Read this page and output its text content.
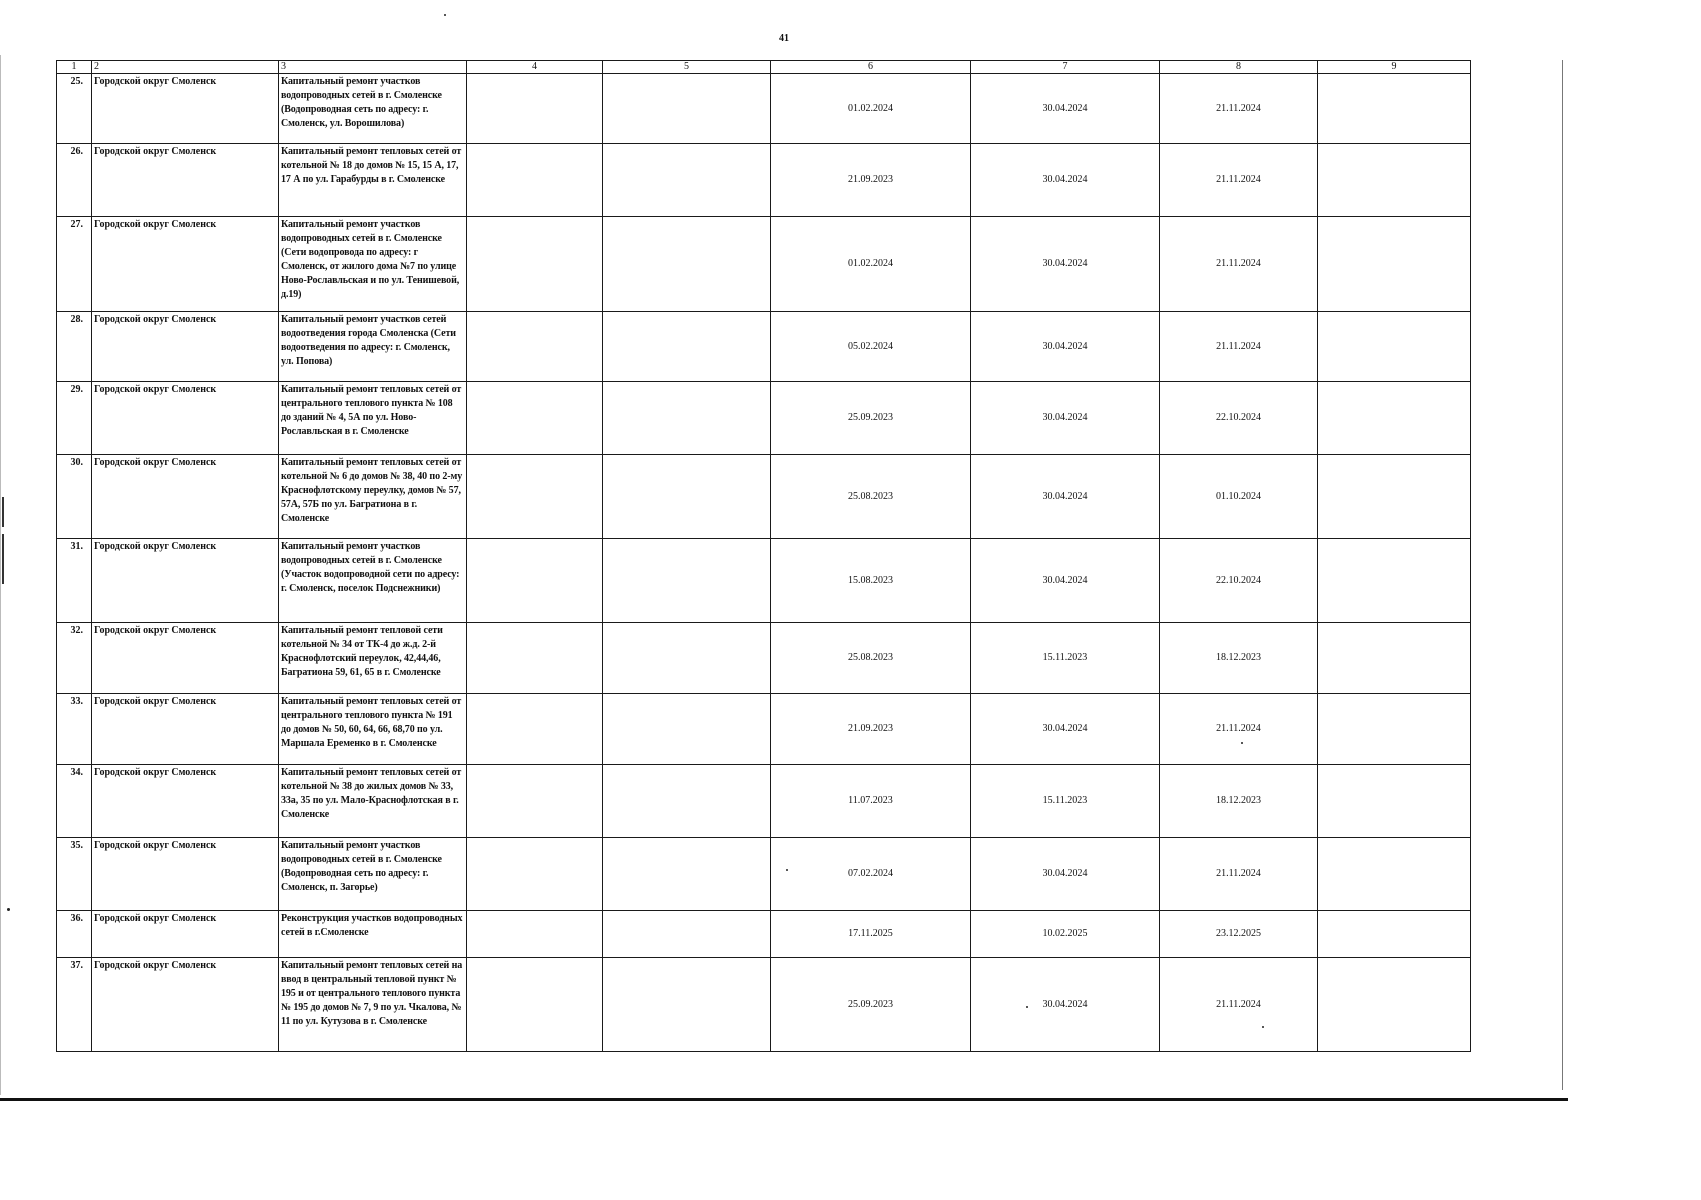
41
1	2	3	4	5	6	7	8	9
25.	Городской округ Смоленск	Капитальный ремонт участков водопроводных сетей в г. Смоленске (Водопроводная сеть по адресу: г. Смоленск, ул. Ворошилова)			01.02.2024	30.04.2024	21.11.2024	
26.	Городской округ Смоленск	Капитальный ремонт тепловых сетей от котельной № 18 до домов № 15, 15 А, 17, 17 А по ул. Гарабурды в г. Смоленске			21.09.2023	30.04.2024	21.11.2024	
27.	Городской округ Смоленск	Капитальный ремонт участков водопроводных сетей в г. Смоленске (Сети водопровода по адресу: г Смоленск, от жилого дома №7 по улице Ново-Рославльская и по ул. Тенишевой, д.19)			01.02.2024	30.04.2024	21.11.2024	
28.	Городской округ Смоленск	Капитальный ремонт участков сетей водоотведения города Смоленска (Сети водоотведения по адресу: г. Смоленск, ул. Попова)			05.02.2024	30.04.2024	21.11.2024	
29.	Городской округ Смоленск	Капитальный ремонт тепловых сетей от центрального теплового пункта № 108 до зданий № 4, 5А по ул. Ново-Рославльская в г. Смоленске			25.09.2023	30.04.2024	22.10.2024	
30.	Городской округ Смоленск	Капитальный ремонт тепловых сетей от котельной № 6 до домов № 38, 40 по 2-му Краснофлотскому переулку, домов № 57, 57А, 57Б по ул. Багратиона в г. Смоленске			25.08.2023	30.04.2024	01.10.2024	
31.	Городской округ Смоленск	Капитальный ремонт участков водопроводных сетей в г. Смоленске (Участок водопроводной сети по адресу: г. Смоленск, поселок Подснежники)			15.08.2023	30.04.2024	22.10.2024	
32.	Городской округ Смоленск	Капитальный ремонт тепловой сети котельной № 34 от ТК-4 до ж.д. 2-й Краснофлотский переулок, 42,44,46, Багратиона 59, 61, 65 в г. Смоленске			25.08.2023	15.11.2023	18.12.2023	
33.	Городской округ Смоленск	Капитальный ремонт тепловых сетей от центрального теплового пункта № 191 до домов № 50, 60, 64, 66, 68,70 по ул. Маршала Еременко в г. Смоленске			21.09.2023	30.04.2024	21.11.2024	
34.	Городской округ Смоленск	Капитальный ремонт тепловых сетей от котельной № 38 до жилых домов № 33, 33а, 35 по ул. Мало-Краснофлотская в г. Смоленске			11.07.2023	15.11.2023	18.12.2023	
35.	Городской округ Смоленск	Капитальный ремонт участков водопроводных сетей в г. Смоленске (Водопроводная сеть по адресу: г. Смоленск, п. Загорье)			07.02.2024	30.04.2024	21.11.2024	
36.	Городской округ Смоленск	Реконструкция участков водопроводных сетей в г.Смоленске			17.11.2025	10.02.2025	23.12.2025	
37.	Городской округ Смоленск	Капитальный ремонт тепловых сетей на ввод в центральный тепловой пункт № 195 и от центрального теплового пункта № 195 до домов № 7, 9 по ул. Чкалова, № 11 по ул. Кутузова в г. Смоленске			25.09.2023	30.04.2024	21.11.2024	
